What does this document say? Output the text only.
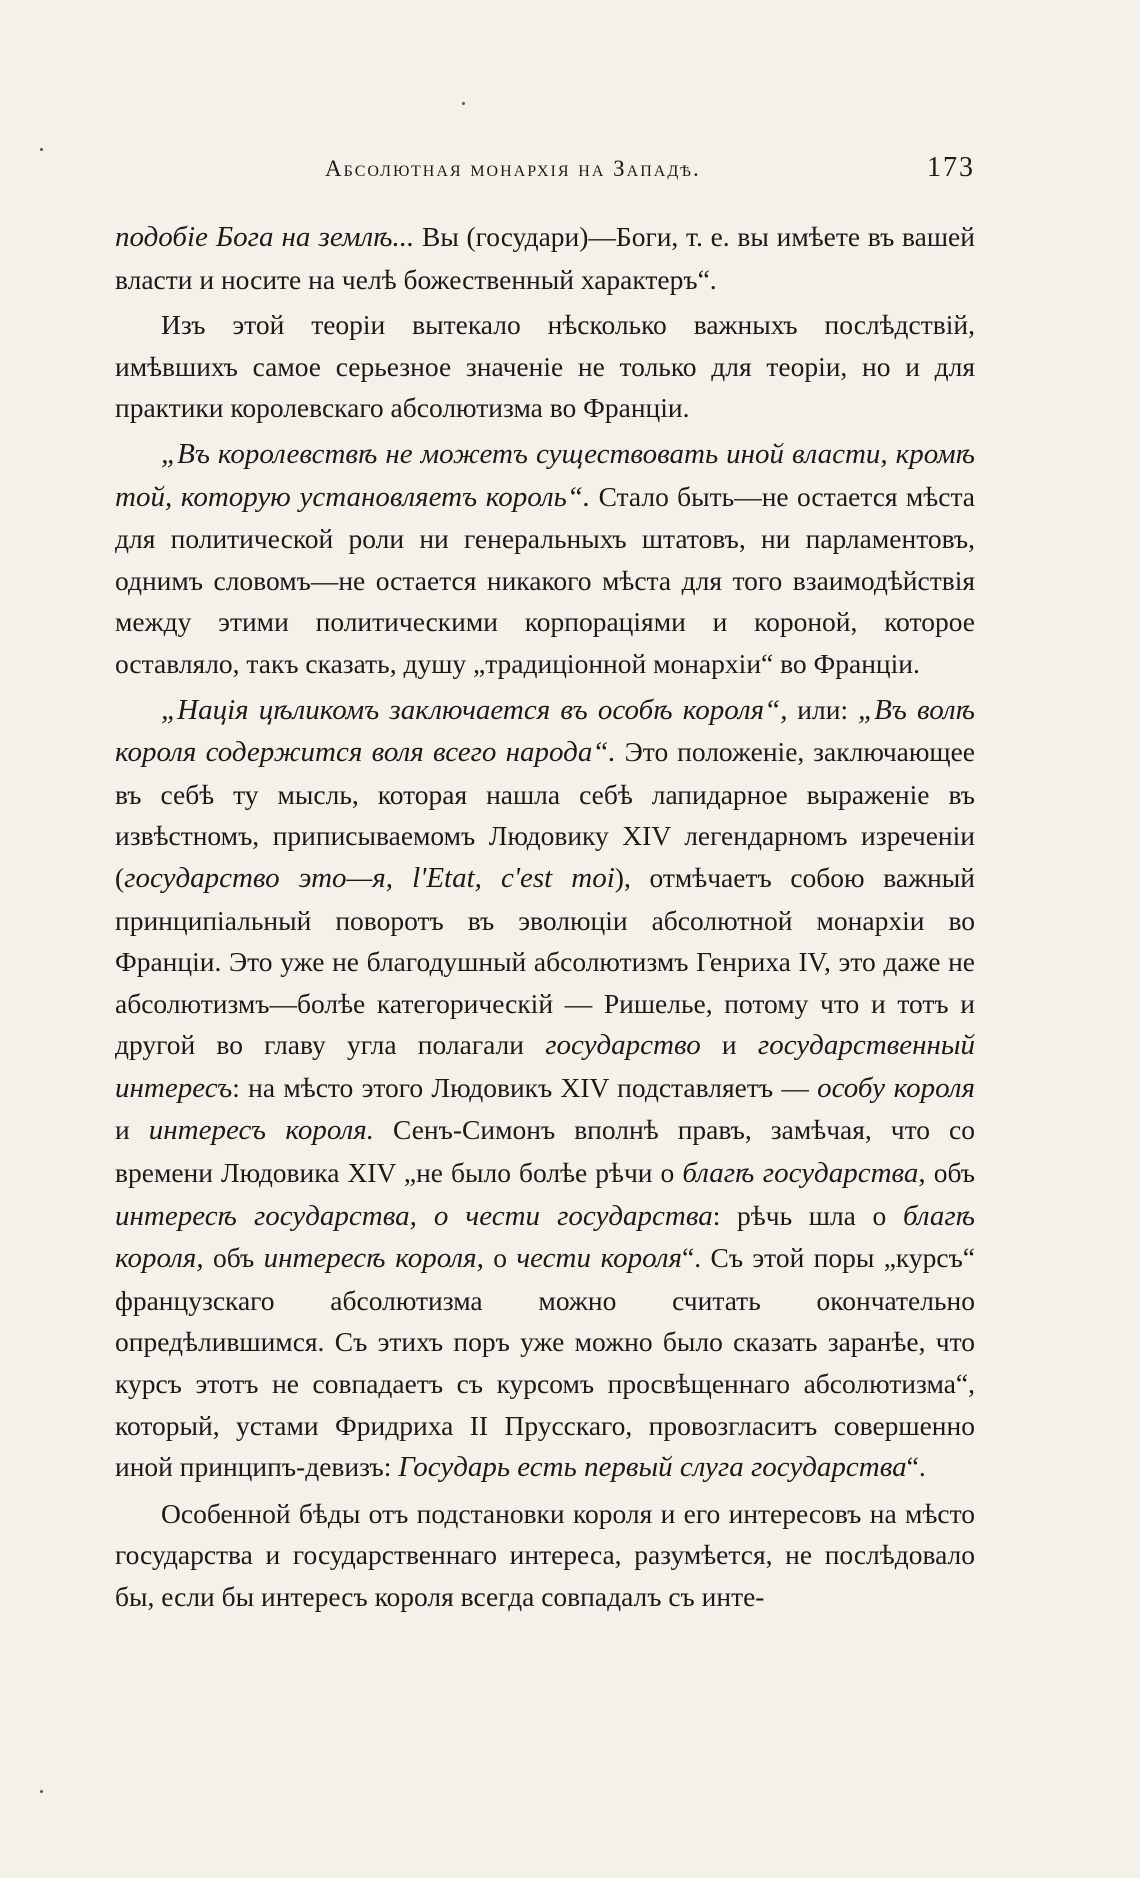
Абсолютная монархія на Западѣ.	173

подобіе Бога на землѣ... Вы (государи)—Боги, т. е. вы имѣете въ вашей власти и носите на челѣ божественный характеръ“.

Изъ этой теоріи вытекало нѣсколько важныхъ послѣдствій, имѣвшихъ самое серьезное значеніе не только для теоріи, но и для практики королевскаго абсолютизма во Франціи.

„Въ королевствѣ не можетъ существовать иной власти, кромѣ той, которую установляетъ король“. Стало быть—не остается мѣста для политической роли ни генеральныхъ штатовъ, ни парламентовъ, однимъ словомъ—не остается никакого мѣста для того взаимодѣйствія между этими политическими корпораціями и короной, которое оставляло, такъ сказать, душу „традиціонной монархіи“ во Франціи.

„Нація цѣликомъ заключается въ особѣ короля“, или: „Въ волѣ короля содержится воля всего народа“. Это положеніе, заключающее въ себѣ ту мысль, которая нашла себѣ лапидарное выраженіе въ извѣстномъ, приписываемомъ Людовику XIV легендарномъ изреченіи (государство это—я, l'Etat, c'est moi), отмѣчаетъ собою важный принципіальный поворотъ въ эволюціи абсолютной монархіи во Франціи. Это уже не благодушный абсолютизмъ Генриха IV, это даже не абсолютизмъ—болѣе категорическій — Ришелье, потому что и тотъ и другой во главу угла полагали государство и государственный интересъ: на мѣсто этого Людовикъ XIV подставляетъ — особу короля и интересъ короля. Сенъ-Симонъ вполнѣ правъ, замѣчая, что со времени Людовика XIV „не было болѣе рѣчи о благѣ государства, объ интересѣ государства, о чести государства: рѣчь шла о благѣ короля, объ интересѣ короля, о чести короля“. Съ этой поры „курсъ“ французскаго абсолютизма можно считать окончательно опредѣлившимся. Съ этихъ поръ уже можно было сказать заранѣе, что курсъ этотъ не совпадаетъ съ курсомъ просвѣщеннаго абсолютизма“, который, устами Фридриха II Прусскаго, провозгласитъ совершенно иной принципъ-девизъ: Государь есть первый слуга государства“.

Особенной бѣды отъ подстановки короля и его интересовъ на мѣсто государства и государственнаго интереса, разумѣется, не послѣдовало бы, если бы интересъ короля всегда совпадалъ съ инте-
